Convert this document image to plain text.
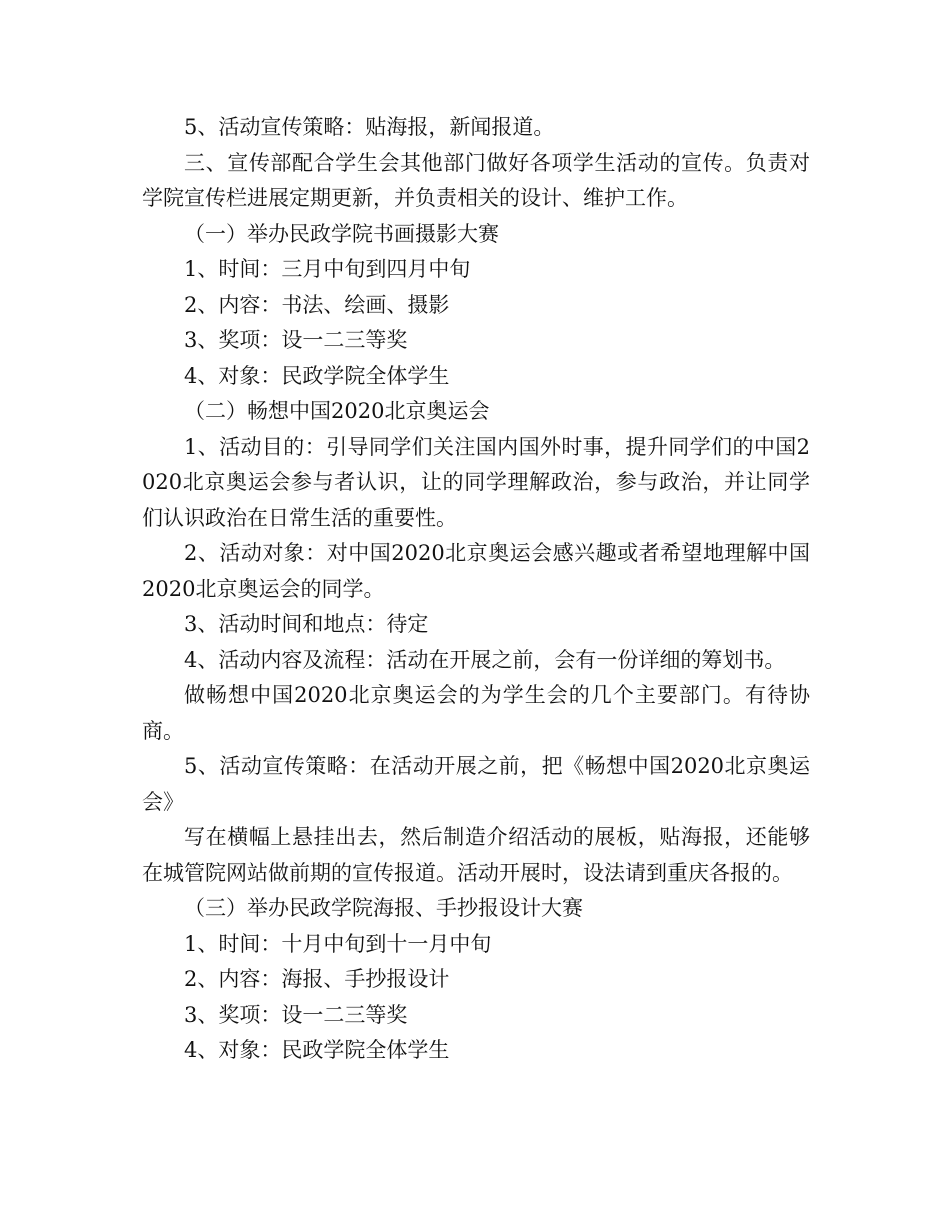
5、活动宣传策略：贴海报，新闻报道。

三、宣传部配合学生会其他部门做好各项学生活动的宣传。负责对学院宣传栏进展定期更新，并负责相关的设计、维护工作。

（一）举办民政学院书画摄影大赛

1、时间：三月中旬到四月中旬

2、内容：书法、绘画、摄影

3、奖项：设一二三等奖

4、对象：民政学院全体学生

（二）畅想中国2020北京奥运会

1、活动目的：引导同学们关注国内国外时事，提升同学们的中国2020北京奥运会参与者认识，让的同学理解政治，参与政治，并让同学们认识政治在日常生活的重要性。

2、活动对象：对中国2020北京奥运会感兴趣或者希望地理解中国2020北京奥运会的同学。

3、活动时间和地点：待定

4、活动内容及流程：活动在开展之前，会有一份详细的筹划书。

做畅想中国2020北京奥运会的为学生会的几个主要部门。有待协商。

5、活动宣传策略：在活动开展之前，把《畅想中国2020北京奥运会》

写在横幅上悬挂出去，然后制造介绍活动的展板，贴海报，还能够在城管院网站做前期的宣传报道。活动开展时，设法请到重庆各报的。

（三）举办民政学院海报、手抄报设计大赛

1、时间：十月中旬到十一月中旬

2、内容：海报、手抄报设计

3、奖项：设一二三等奖

4、对象：民政学院全体学生
